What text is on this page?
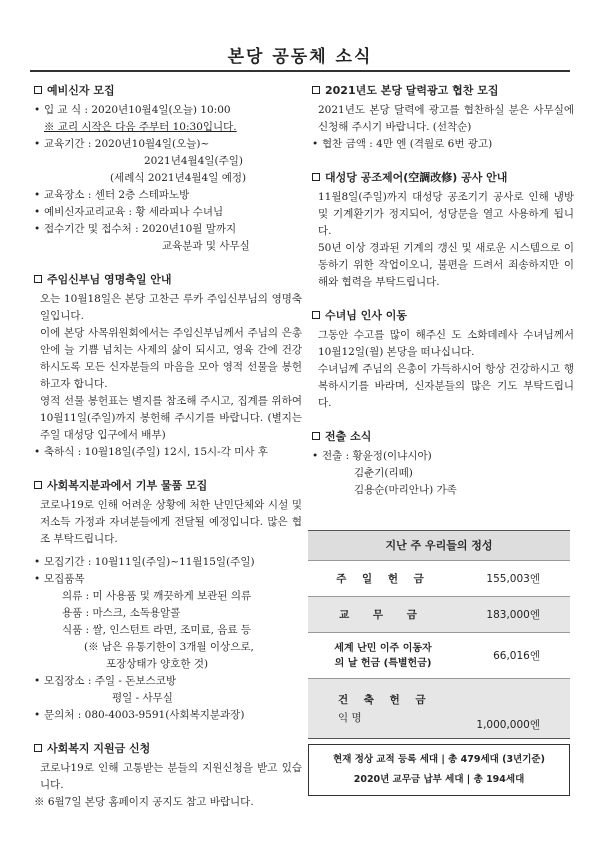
본당 공동체 소식
예비신자 모집
• 입 교 식 : 2020년10월4일(오늘) 10:00
※ 교리 시작은 다음 주부터 10:30입니다.
• 교육기간 : 2020년10월4일(오늘)~
2021년4월4일(주일)
(세례식 2021년4월4일 예정)
• 교육장소 : 센터 2층 스테파노방
• 예비신자교리교육 : 황 세라피나 수녀님
• 접수기간 및 접수처 : 2020년10월 말까지
교육분과 및 사무실
주임신부님 영명축일 안내
오는 10월18일은 본당 고찬근 루카 주임신부님의 영명축일입니다.
이에 본당 사목위원회에서는 주임신부님께서 주님의 은총 안에 늘 기쁨 넘치는 사제의 삶이 되시고, 영육 간에 건강하시도록 모든 신자분들의 마음을 모아 영적 선물을 봉헌하고자 합니다.
영적 선물 봉헌표는 별지를 참조해 주시고, 집계를 위하여 10월11일(주일)까지 봉헌해 주시기를 바랍니다. (별지는 주일 대성당 입구에서 배부)
• 축하식 : 10월18일(주일) 12시, 15시-각 미사 후
사회복지분과에서 기부 물품 모집
코로나19로 인해 어려운 상황에 처한 난민단체와 시설 및 저소득 가정과 자녀분들에게 전달될 예정입니다. 많은 협조 부탁드립니다.
• 모집기간 : 10월11일(주일)~11월15일(주일)
• 모집품목
의류 : 미 사용품 및 깨끗하게 보관된 의류
용품 : 마스크, 소독용알콜
식품 : 쌀, 인스턴트 라면, 조미료, 음료 등
(※ 남은 유통기한이 3개월 이상으로,
포장상태가 양호한 것)
• 모집장소 : 주일 - 돈보스코방
평일 - 사무실
• 문의처 : 080-4003-9591(사회복지분과장)
사회복지 지원금 신청
코로나19로 인해 고통받는 분들의 지원신청을 받고 있습니다.
※ 6월7일 본당 홈페이지 공지도 참고 바랍니다.
2021년도 본당 달력광고 협찬 모집
2021년도 본당 달력에 광고를 협찬하실 분은 사무실에 신청해 주시기 바랍니다. (선착순)
• 협찬 금액 : 4만 엔 (격월로 6번 광고)
대성당 공조제어(空調改修) 공사 안내
11월8일(주일)까지 대성당 공조기기 공사로 인해 냉방 및 기계환기가 정지되어, 성당문을 열고 사용하게 됩니다.
50년 이상 경과된 기계의 갱신 및 새로운 시스템으로 이동하기 위한 작업이오니, 불편을 드려서 죄송하지만 이해와 협력을 부탁드립니다.
수녀님 인사 이동
그동안 수고를 많이 해주신 도 소화데레사 수녀님께서 10월12일(월) 본당을 떠나십니다.
수녀님께 주님의 은총이 가득하시어 항상 건강하시고 행복하시기를 바라며, 신자분들의 많은 기도 부탁드립니다.
전출 소식
• 전출 : 황윤정(이냐시아)
김춘기(리떼)
김용순(마리안나) 가족
지난 주 우리들의 정성
주 일 헌 금	155,003엔
교 무 금	183,000엔
세계 난민 이주 이동자
의 날 헌금 (특별헌금)
66,016엔
건 축 헌 금
익 명
1,000,000엔
현재 정상 교적 등록 세대 | 총 479세대 (3년기준)
2020년 교무금 납부 세대 | 총 194세대
